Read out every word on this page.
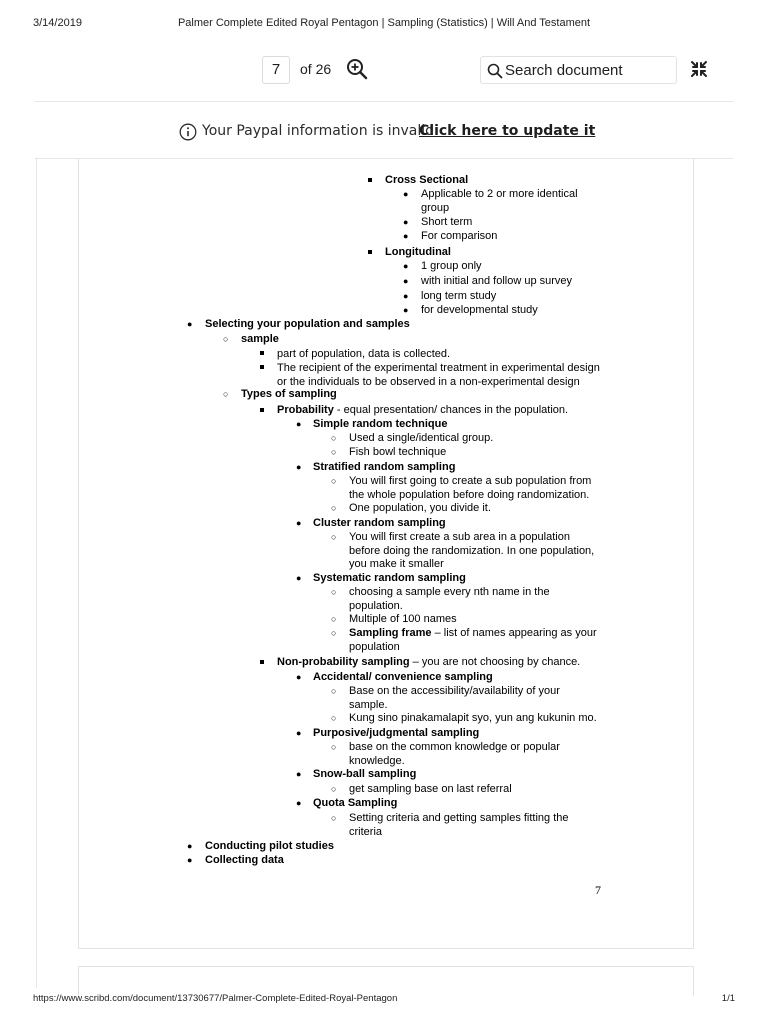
3/14/2019	Palmer Complete Edited Royal Pentagon | Sampling (Statistics) | Will And Testament
7	of 26	Search document
Your Paypal information is invalid.
Click here to update it
Cross Sectional
● Applicable to 2 or more identical
group
● Short term
● For comparison
Longitudinal
● 1 group only
● with initial and follow up survey
● long term study
● for developmental study
● Selecting your population and samples
○ sample
part of population, data is collected.
The recipient of the experimental treatment in experimental design
or the individuals to be observed in a non-experimental design
○ Types of sampling
Probability - equal presentation/ chances in the population.
● Simple random technique
○ Used a single/identical group.
○ Fish bowl technique
● Stratified random sampling
○ You will first going to create a sub population from
the whole population before doing randomization.
○ One population, you divide it.
● Cluster random sampling
○ You will first create a sub area in a population
before doing the randomization. In one population,
you make it smaller
● Systematic random sampling
○ choosing a sample every nth name in the
population.
○ Multiple of 100 names
○ Sampling frame – list of names appearing as your
population
Non-probability sampling – you are not choosing by chance.
● Accidental/ convenience sampling
○ Base on the accessibility/availability of your
sample.
○ Kung sino pinakamalapit syo, yun ang kukunin mo.
● Purposive/judgmental sampling
○ base on the common knowledge or popular
knowledge.
● Snow-ball sampling
○ get sampling base on last referral
● Quota Sampling
○ Setting criteria and getting samples fitting the
criteria
● Conducting pilot studies
● Collecting data
7
https://www.scribd.com/document/13730677/Palmer-Complete-Edited-Royal-Pentagon	1/1
